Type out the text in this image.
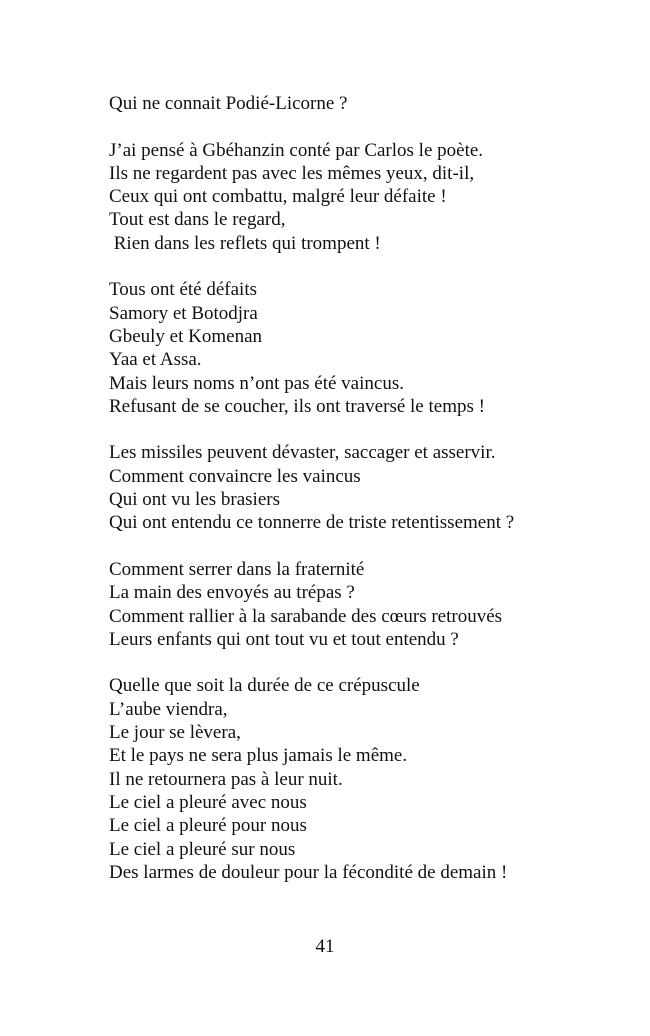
Qui ne connait Podié-Licorne ?
J’ai pensé à Gbéhanzin conté par Carlos le poète.
Ils ne regardent pas avec les mêmes yeux, dit-il,
Ceux qui ont combattu, malgré leur défaite !
Tout est dans le regard,
Rien dans les reflets qui trompent !
Tous ont été défaits
Samory et Botodjra
Gbeuly et Komenan
Yaa et Assa.
Mais leurs noms n’ont pas été vaincus.
Refusant de se coucher, ils ont traversé le temps !
Les missiles peuvent dévaster, saccager et asservir.
Comment convaincre les vaincus
Qui ont vu les brasiers
Qui ont entendu ce tonnerre de triste retentissement ?
Comment serrer dans la fraternité
La main des envoyés au trépas ?
Comment rallier à la sarabande des cœurs retrouvés
Leurs enfants qui ont tout vu et tout entendu ?
Quelle que soit la durée de ce crépuscule
L’aube viendra,
Le jour se lèvera,
Et le pays ne sera plus jamais le même.
Il ne retournera pas à leur nuit.
Le ciel a pleuré avec nous
Le ciel a pleuré pour nous
Le ciel a pleuré sur nous
Des larmes de douleur pour la fécondité de demain !
41
